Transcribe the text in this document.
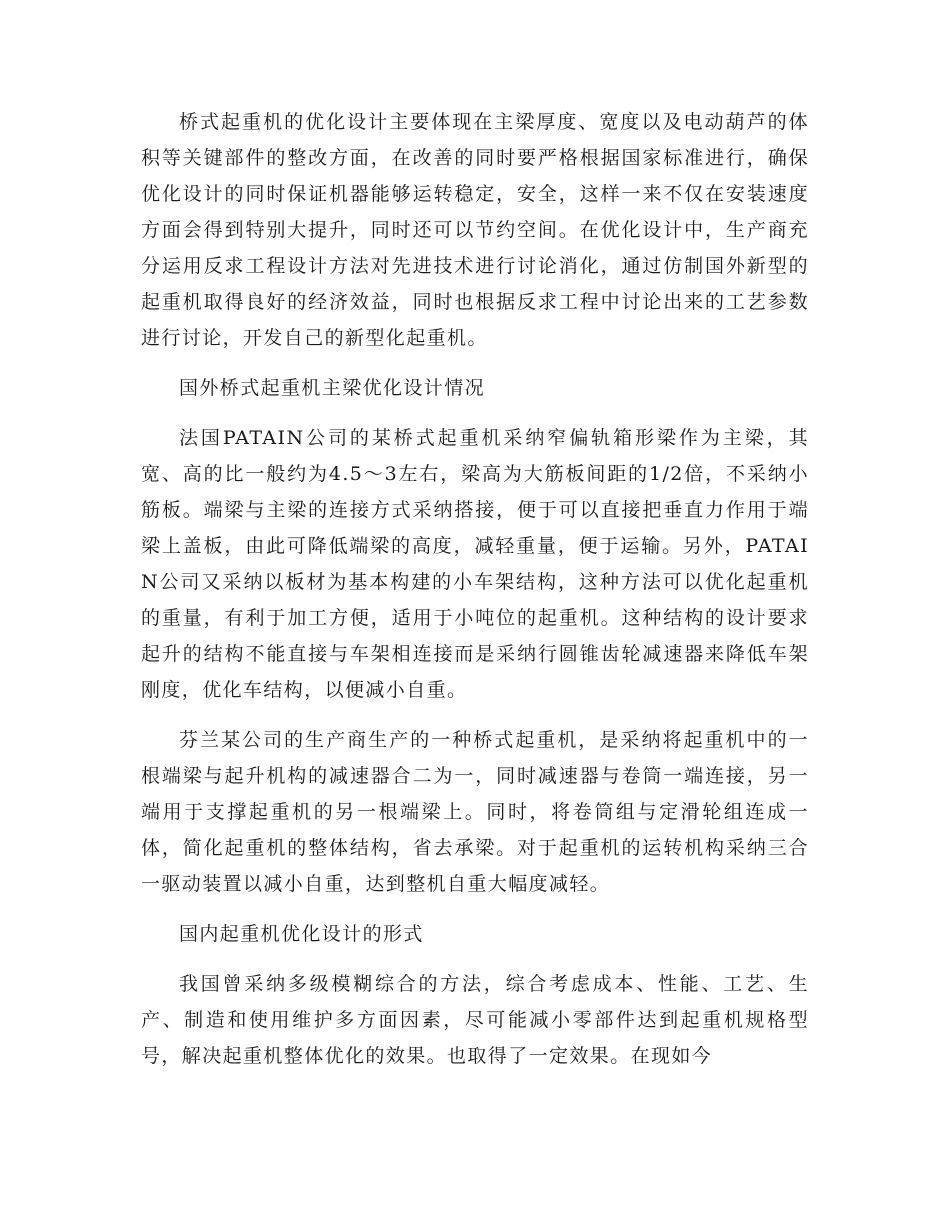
桥式起重机的优化设计主要体现在主梁厚度、宽度以及电动葫芦的体积等关键部件的整改方面，在改善的同时要严格根据国家标准进行，确保优化设计的同时保证机器能够运转稳定，安全，这样一来不仅在安装速度方面会得到特别大提升，同时还可以节约空间。在优化设计中，生产商充分运用反求工程设计方法对先进技术进行讨论消化，通过仿制国外新型的起重机取得良好的经济效益，同时也根据反求工程中讨论出来的工艺参数进行讨论，开发自己的新型化起重机。

国外桥式起重机主梁优化设计情况

法国PATAIN公司的某桥式起重机采纳窄偏轨箱形梁作为主梁，其宽、高的比一般约为4.5～3左右，梁高为大筋板间距的1/2倍，不采纳小筋板。端梁与主梁的连接方式采纳搭接，便于可以直接把垂直力作用于端梁上盖板，由此可降低端梁的高度，减轻重量，便于运输。另外，PATAIN公司又采纳以板材为基本构建的小车架结构，这种方法可以优化起重机的重量，有利于加工方便，适用于小吨位的起重机。这种结构的设计要求起升的结构不能直接与车架相连接而是采纳行圆锥齿轮减速器来降低车架刚度，优化车结构，以便减小自重。

芬兰某公司的生产商生产的一种桥式起重机，是采纳将起重机中的一根端梁与起升机构的减速器合二为一，同时减速器与卷筒一端连接，另一端用于支撑起重机的另一根端梁上。同时，将卷筒组与定滑轮组连成一体，简化起重机的整体结构，省去承梁。对于起重机的运转机构采纳三合一驱动装置以减小自重，达到整机自重大幅度减轻。

国内起重机优化设计的形式

我国曾采纳多级模糊综合的方法，综合考虑成本、性能、工艺、生产、制造和使用维护多方面因素，尽可能减小零部件达到起重机规格型号，解决起重机整体优化的效果。也取得了一定效果。在现如今
